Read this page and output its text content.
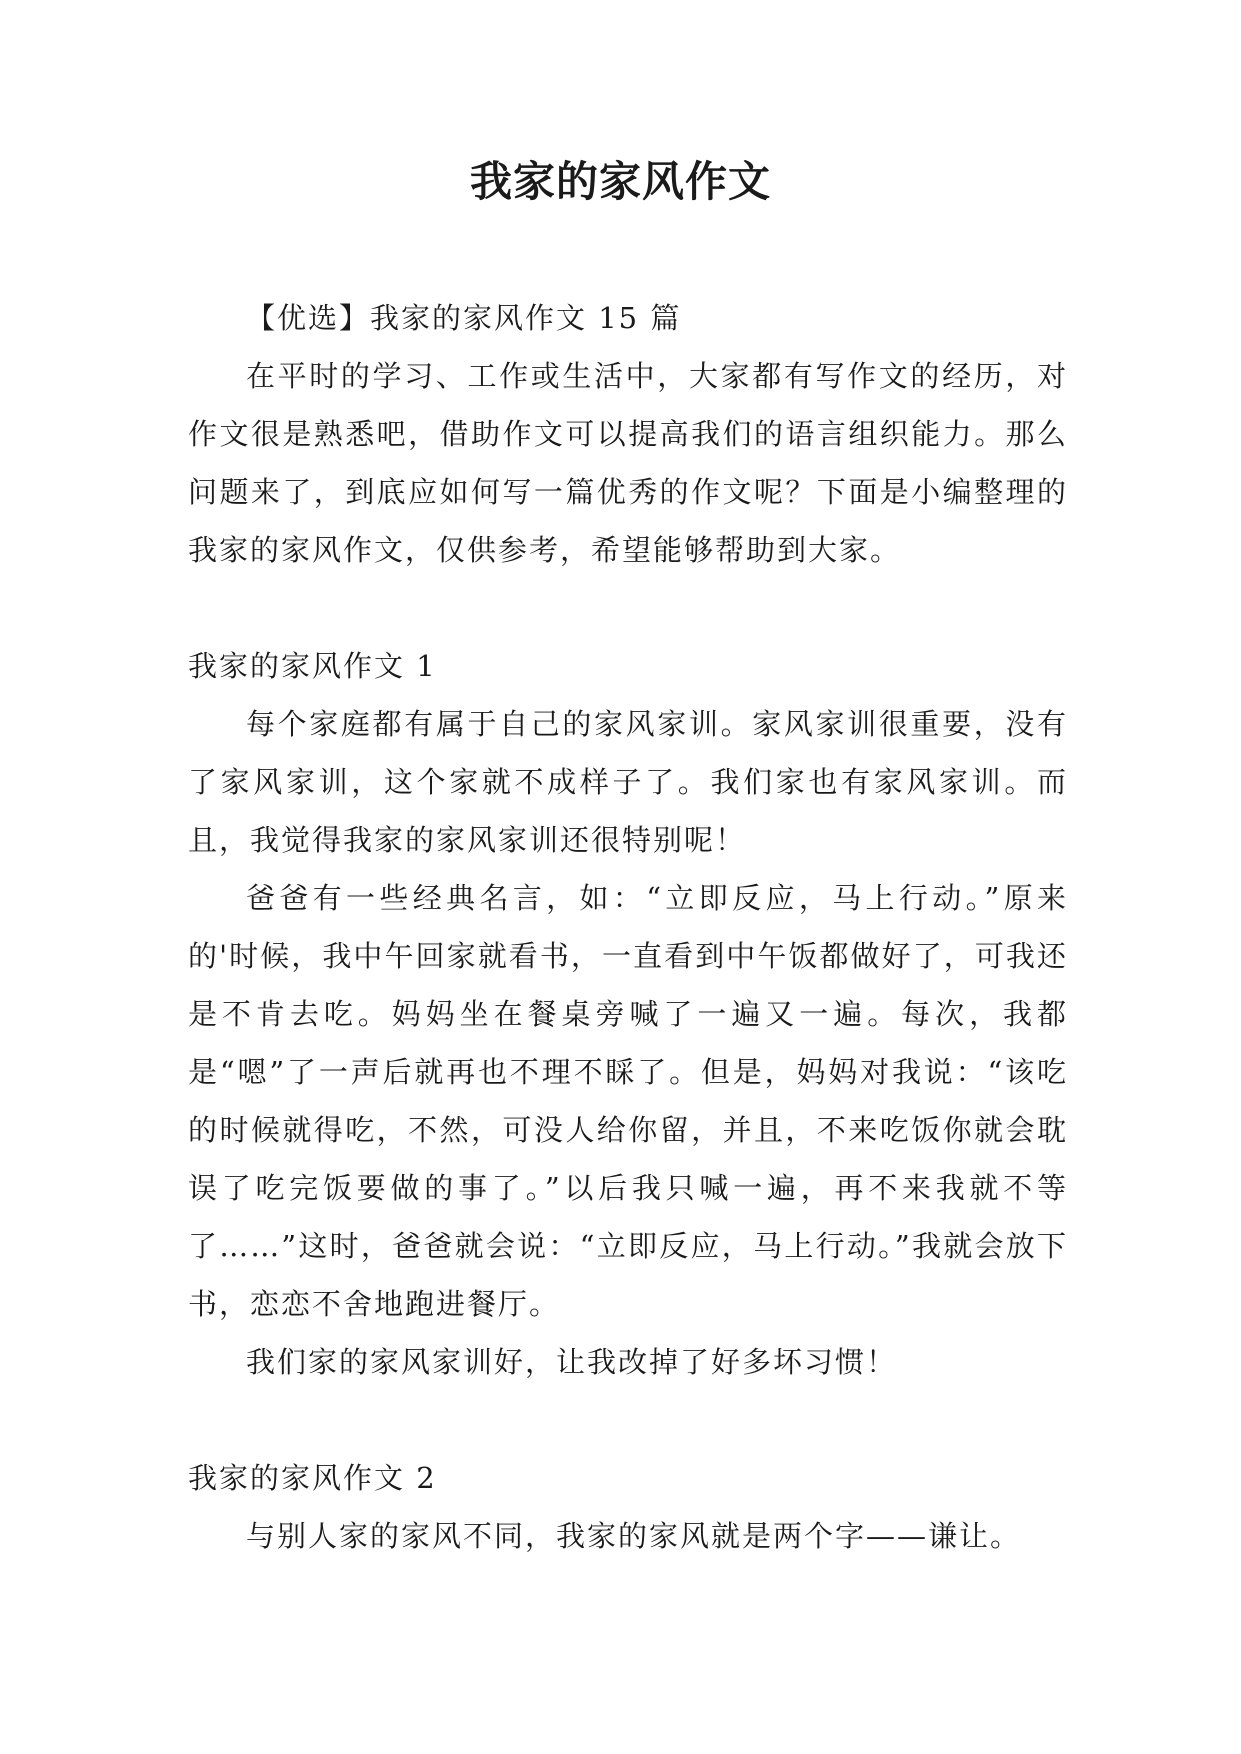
我家的家风作文

【优选】我家的家风作文 15 篇

在平时的学习、工作或生活中，大家都有写作文的经历，对作文很是熟悉吧，借助作文可以提高我们的语言组织能力。那么问题来了，到底应如何写一篇优秀的作文呢？下面是小编整理的我家的家风作文，仅供参考，希望能够帮助到大家。

我家的家风作文 1

每个家庭都有属于自己的家风家训。家风家训很重要，没有了家风家训，这个家就不成样子了。我们家也有家风家训。而且，我觉得我家的家风家训还很特别呢！

爸爸有一些经典名言，如：“立即反应，马上行动。”原来的'时候，我中午回家就看书，一直看到中午饭都做好了，可我还是不肯去吃。妈妈坐在餐桌旁喊了一遍又一遍。每次，我都是“嗯”了一声后就再也不理不睬了。但是，妈妈对我说：“该吃的时候就得吃，不然，可没人给你留，并且，不来吃饭你就会耽误了吃完饭要做的事了。”以后我只喊一遍，再不来我就不等了……”这时，爸爸就会说：“立即反应，马上行动。”我就会放下书，恋恋不舍地跑进餐厅。

我们家的家风家训好，让我改掉了好多坏习惯！

我家的家风作文 2

与别人家的家风不同，我家的家风就是两个字——谦让。
